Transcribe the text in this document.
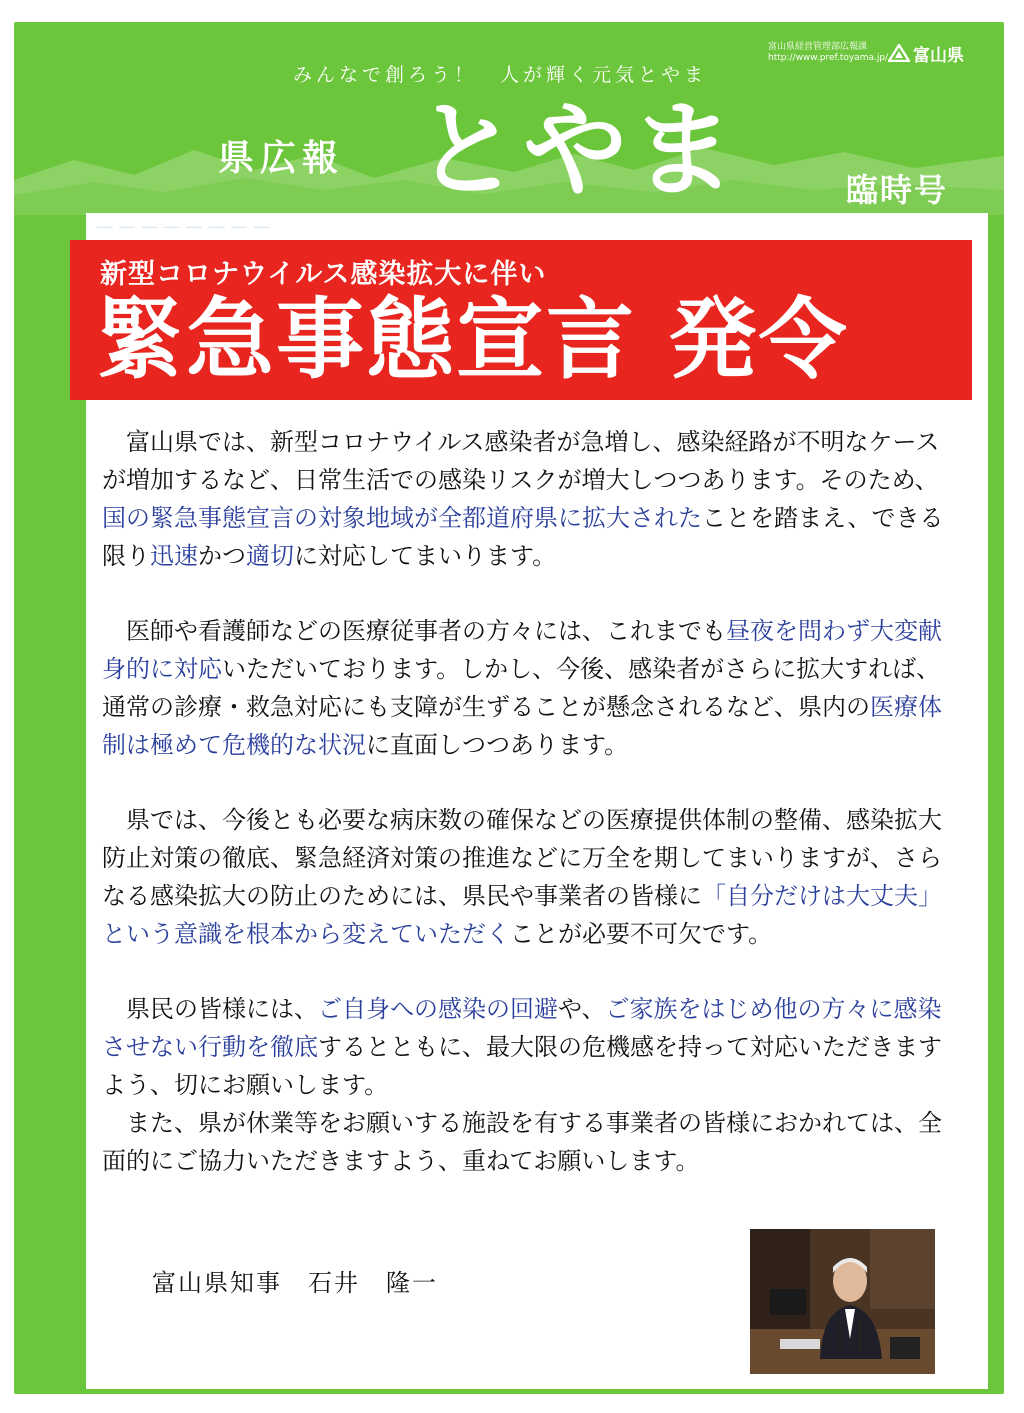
みんなで創ろう！　人が輝く元気とやま
富山県経営管理部広報課
http://www.pref.toyama.jp/ 富山県
県広報 とやま	臨時号
— — — — — — — —
新型コロナウイルス感染拡大に伴い
緊急事態宣言 発令

富山県では、新型コロナウイルス感染者が急増し、感染経路が不明なケースが増加するなど、日常生活での感染リスクが増大しつつあります。そのため、国の緊急事態宣言の対象地域が全都道府県に拡大されたことを踏まえ、できる限り迅速かつ適切に対応してまいります。

医師や看護師などの医療従事者の方々には、これまでも昼夜を問わず大変献身的に対応いただいております。しかし、今後、感染者がさらに拡大すれば、通常の診療・救急対応にも支障が生ずることが懸念されるなど、県内の医療体制は極めて危機的な状況に直面しつつあります。

県では、今後とも必要な病床数の確保などの医療提供体制の整備、感染拡大防止対策の徹底、緊急経済対策の推進などに万全を期してまいりますが、さらなる感染拡大の防止のためには、県民や事業者の皆様に「自分だけは大丈夫」という意識を根本から変えていただくことが必要不可欠です。

県民の皆様には、ご自身への感染の回避や、ご家族をはじめ他の方々に感染させない行動を徹底するとともに、最大限の危機感を持って対応いただきますよう、切にお願いします。

また、県が休業等をお願いする施設を有する事業者の皆様におかれては、全面的にご協力いただきますよう、重ねてお願いします。

富山県知事　石井　隆一
